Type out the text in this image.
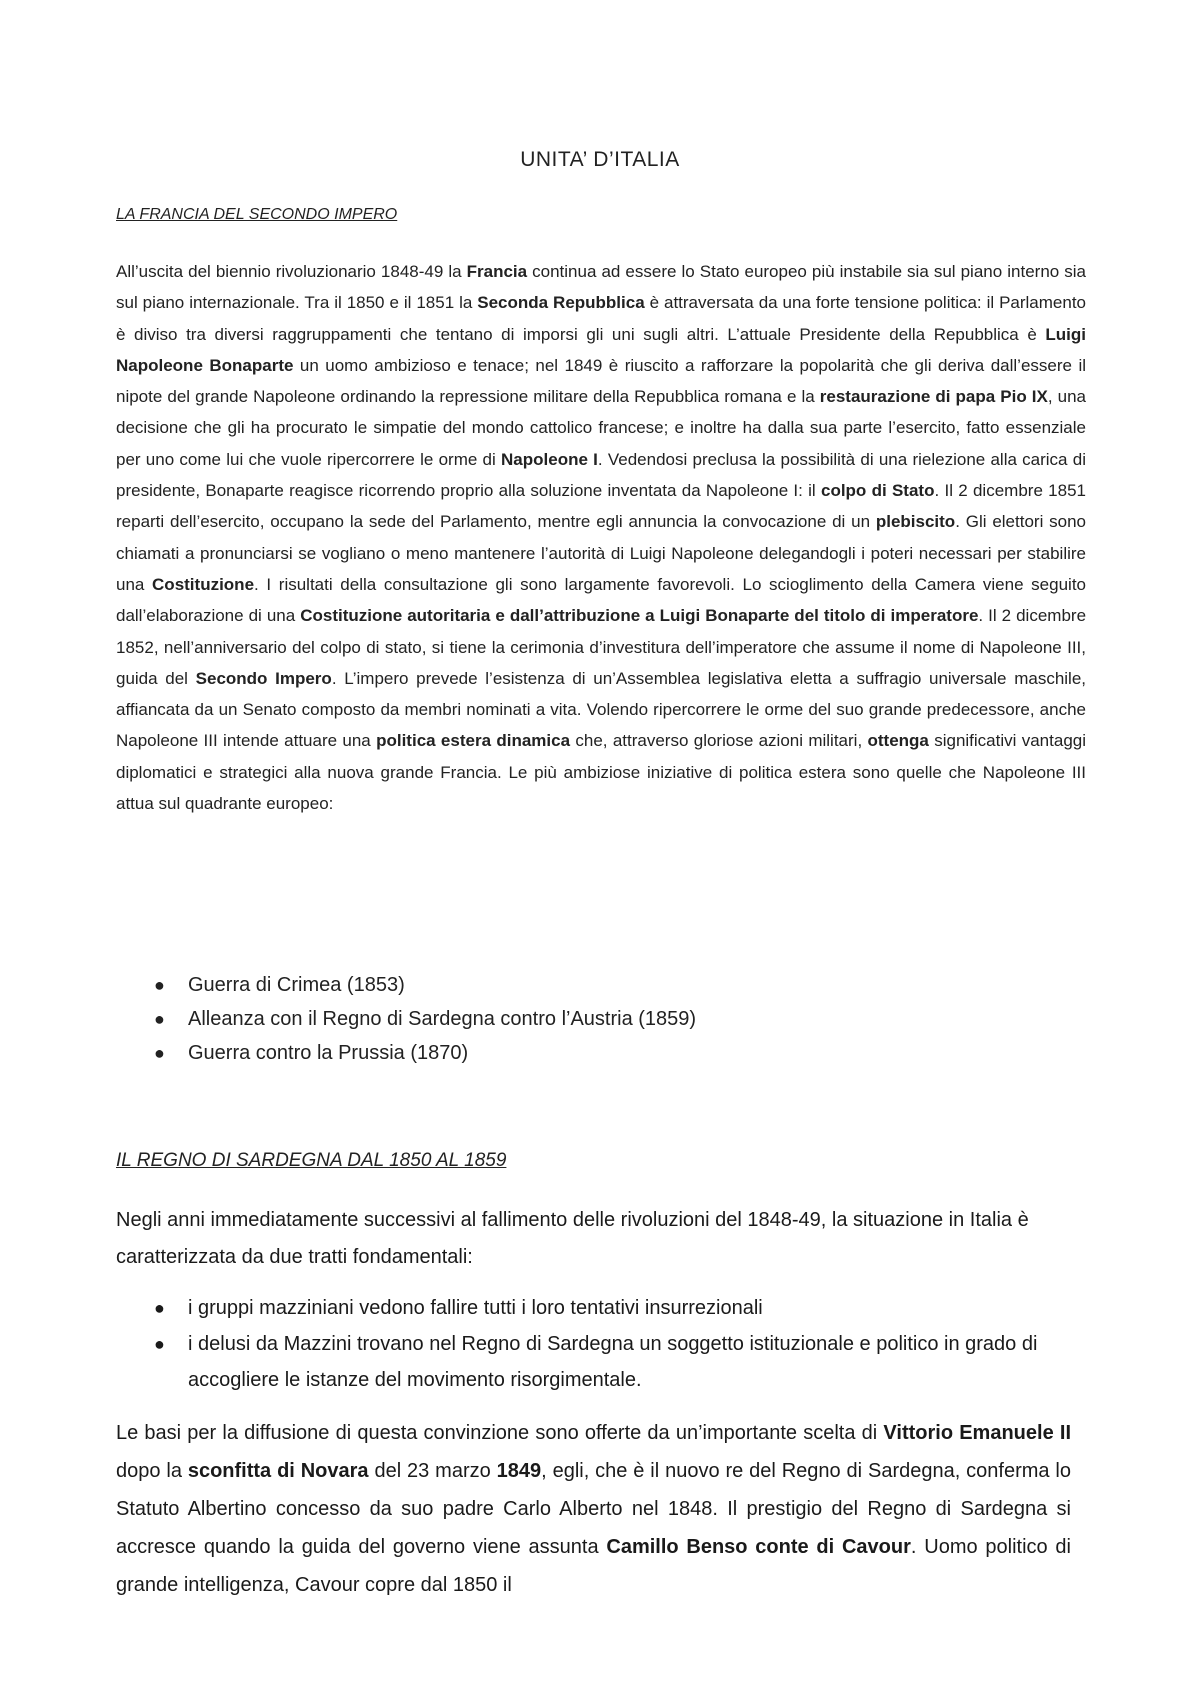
UNITA’ D’ITALIA
LA FRANCIA DEL SECONDO IMPERO
All’uscita del biennio rivoluzionario 1848-49 la Francia continua ad essere lo Stato europeo più instabile sia sul piano interno sia sul piano internazionale. Tra il 1850 e il 1851 la Seconda Repubblica è attraversata da una forte tensione politica: il Parlamento è diviso tra diversi raggruppamenti che tentano di imporsi gli uni sugli altri. L’attuale Presidente della Repubblica è Luigi Napoleone Bonaparte un uomo ambizioso e tenace; nel 1849 è riuscito a rafforzare la popolarità che gli deriva dall’essere il nipote del grande Napoleone ordinando la repressione militare della Repubblica romana e la restaurazione di papa Pio IX, una decisione che gli ha procurato le simpatie del mondo cattolico francese; e inoltre ha dalla sua parte l’esercito, fatto essenziale per uno come lui che vuole ripercorrere le orme di Napoleone I. Vedendosi preclusa la possibilità di una rielezione alla carica di presidente, Bonaparte reagisce ricorrendo proprio alla soluzione inventata da Napoleone I: il colpo di Stato. Il 2 dicembre 1851 reparti dell’esercito, occupano la sede del Parlamento, mentre egli annuncia la convocazione di un plebiscito. Gli elettori sono chiamati a pronunciarsi se vogliano o meno mantenere l’autorità di Luigi Napoleone delegandogli i poteri necessari per stabilire una Costituzione. I risultati della consultazione gli sono largamente favorevoli. Lo scioglimento della Camera viene seguito dall’elaborazione di una Costituzione autoritaria e dall’attribuzione a Luigi Bonaparte del titolo di imperatore. Il 2 dicembre 1852, nell’anniversario del colpo di stato, si tiene la cerimonia d’investitura dell’imperatore che assume il nome di Napoleone III, guida del Secondo Impero. L’impero prevede l’esistenza di un’Assemblea legislativa eletta a suffragio universale maschile, affiancata da un Senato composto da membri nominati a vita. Volendo ripercorrere le orme del suo grande predecessore, anche Napoleone III intende attuare una politica estera dinamica che, attraverso gloriose azioni militari, ottenga significativi vantaggi diplomatici e strategici alla nuova grande Francia. Le più ambiziose iniziative di politica estera sono quelle che Napoleone III attua sul quadrante europeo:
● Guerra di Crimea (1853)
● Alleanza con il Regno di Sardegna contro l’Austria (1859)
● Guerra contro la Prussia (1870)
IL REGNO DI SARDEGNA DAL 1850 AL 1859
Negli anni immediatamente successivi al fallimento delle rivoluzioni del 1848-49, la situazione in Italia è caratterizzata da due tratti fondamentali:
● i gruppi mazziniani vedono fallire tutti i loro tentativi insurrezionali
● i delusi da Mazzini trovano nel Regno di Sardegna un soggetto istituzionale e politico in grado di accogliere le istanze del movimento risorgimentale.
Le basi per la diffusione di questa convinzione sono offerte da un’importante scelta di Vittorio Emanuele II dopo la sconfitta di Novara del 23 marzo 1849, egli, che è il nuovo re del Regno di Sardegna, conferma lo Statuto Albertino concesso da suo padre Carlo Alberto nel 1848. Il prestigio del Regno di Sardegna si accresce quando la guida del governo viene assunta Camillo Benso conte di Cavour. Uomo politico di grande intelligenza, Cavour copre dal 1850 il
